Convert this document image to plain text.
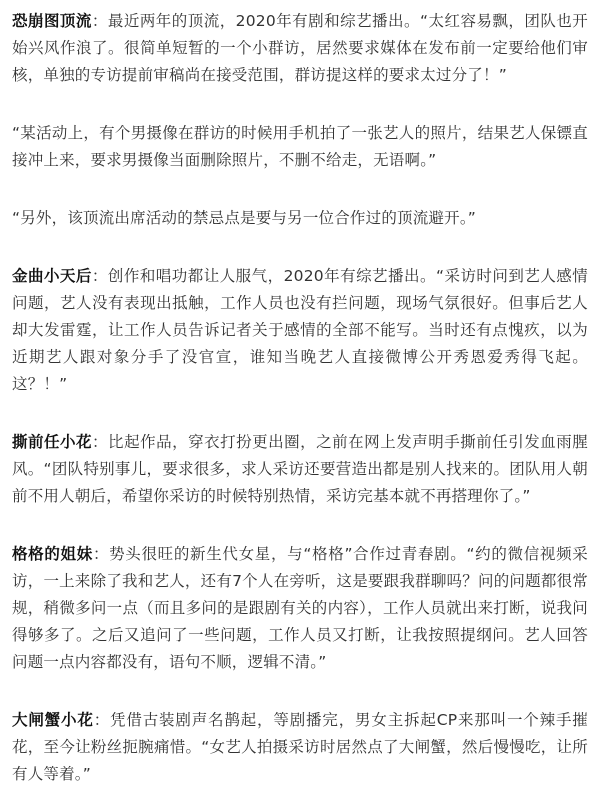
恐崩图顶流：最近两年的顶流，2020年有剧和综艺播出。“太红容易飘，团队也开始兴风作浪了。很简单短暂的一个小群访，居然要求媒体在发布前一定要给他们审核，单独的专访提前审稿尚在接受范围，群访提这样的要求太过分了！”

“某活动上，有个男摄像在群访的时候用手机拍了一张艺人的照片，结果艺人保镖直接冲上来，要求男摄像当面删除照片，不删不给走，无语啊。”

“另外，该顶流出席活动的禁忌点是要与另一位合作过的顶流避开。”

金曲小天后：创作和唱功都让人服气，2020年有综艺播出。“采访时问到艺人感情问题，艺人没有表现出抵触，工作人员也没有拦问题，现场气氛很好。但事后艺人却大发雷霆，让工作人员告诉记者关于感情的全部不能写。当时还有点愧疚，以为近期艺人跟对象分手了没官宣，谁知当晚艺人直接微博公开秀恩爱秀得飞起。这？！”

撕前任小花：比起作品，穿衣打扮更出圈，之前在网上发声明手撕前任引发血雨腥风。“团队特别事儿，要求很多，求人采访还要营造出都是别人找来的。团队用人朝前不用人朝后，希望你采访的时候特别热情，采访完基本就不再搭理你了。”

格格的姐妹：势头很旺的新生代女星，与“格格”合作过青春剧。“约的微信视频采访，一上来除了我和艺人，还有7个人在旁听，这是要跟我群聊吗？问的问题都很常规，稍微多问一点（而且多问的是跟剧有关的内容），工作人员就出来打断，说我问得够多了。之后又追问了一些问题，工作人员又打断，让我按照提纲问。艺人回答问题一点内容都没有，语句不顺，逻辑不清。”

大闸蟹小花：凭借古装剧声名鹊起，等剧播完，男女主拆起CP来那叫一个辣手摧花，至今让粉丝扼腕痛惜。“女艺人拍摄采访时居然点了大闸蟹，然后慢慢吃，让所有人等着。”
